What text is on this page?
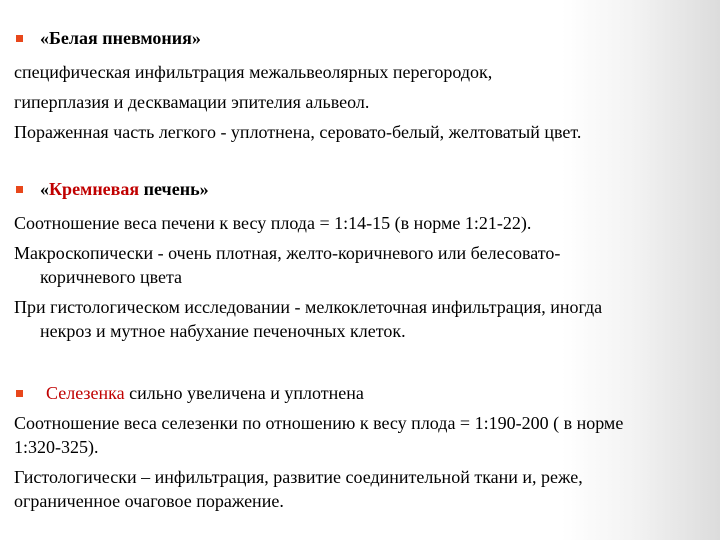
«Белая пневмония»
специфическая инфильтрация межальвеолярных перегородок,
гиперплазия и десквамации эпителия альвеол.
Пораженная часть легкого - уплотнена, серовато-белый, желтоватый цвет.
«Кремневая печень»
Соотношение веса печени к весу плода = 1:14-15 (в норме 1:21-22).
Макроскопически - очень плотная, желто-коричневого или белесовато-
коричневого цвета
При гистологическом исследовании - мелкоклеточная инфильтрация, иногда
некроз и мутное набухание печеночных клеток.
Селезенка сильно увеличена и уплотнена
Соотношение веса селезенки по отношению к весу плода = 1:190-200 ( в норме
1:320-325).
Гистологически – инфильтрация, развитие соединительной ткани и, реже,
ограниченное очаговое поражение.
